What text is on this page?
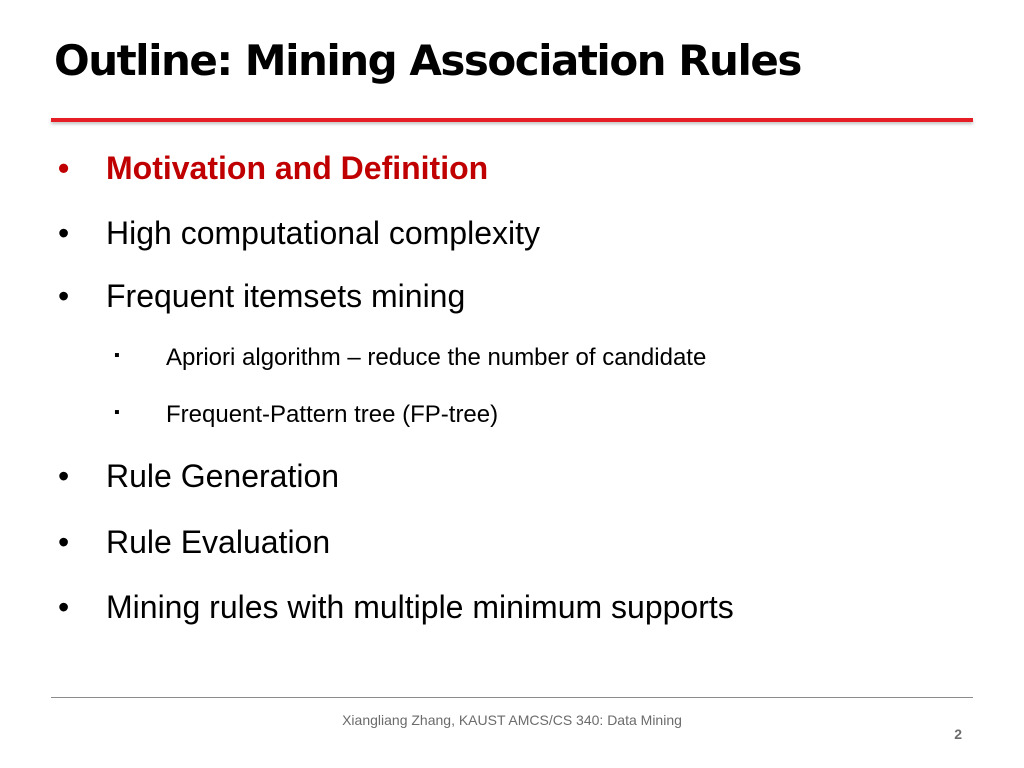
Outline: Mining Association Rules
•	Motivation and Definition
•	High computational complexity
•	Frequent itemsets mining
▪ Apriori algorithm – reduce the number of candidate
▪ Frequent-Pattern tree (FP-tree)
•	Rule Generation
•	Rule Evaluation
•	Mining rules with multiple minimum supports
Xiangliang Zhang, KAUST AMCS/CS 340: Data Mining
2
